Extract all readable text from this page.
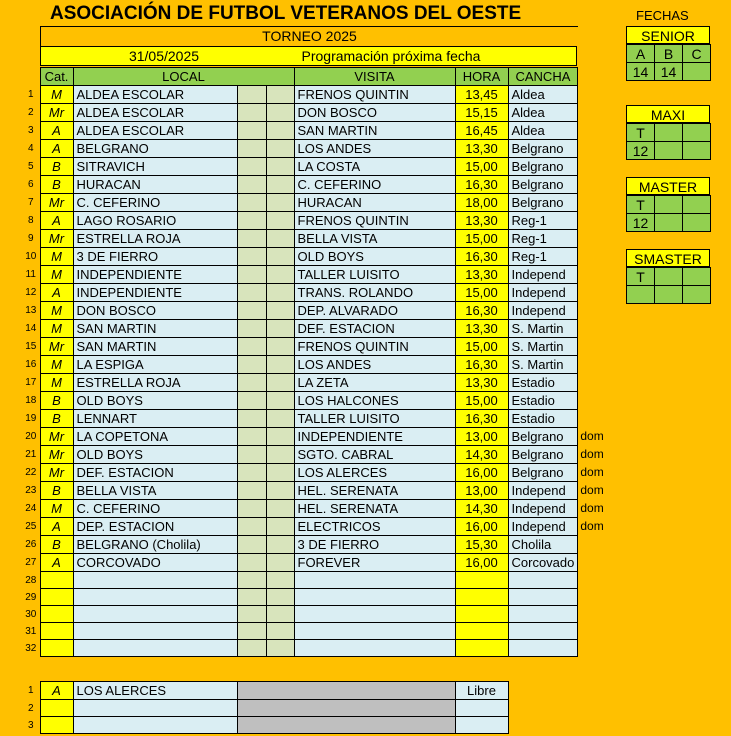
ASOCIACIÓN DE FUTBOL VETERANOS DEL OESTE
TORNEO 2025
31/05/2025	Programación próxima fecha
	Cat.	LOCAL			VISITA	HORA	CANCHA	
1	M	ALDEA ESCOLAR			FRENOS QUINTIN	13,45	Aldea	
2	Mr	ALDEA ESCOLAR			DON BOSCO	15,15	Aldea	
3	A	ALDEA ESCOLAR			SAN MARTIN	16,45	Aldea	
4	A	BELGRANO			LOS ANDES	13,30	Belgrano	
5	B	SITRAVICH			LA COSTA	15,00	Belgrano	
6	B	HURACAN			C. CEFERINO	16,30	Belgrano	
7	Mr	C. CEFERINO			HURACAN	18,00	Belgrano	
8	A	LAGO ROSARIO			FRENOS QUINTIN	13,30	Reg-1	
9	Mr	ESTRELLA ROJA			BELLA VISTA	15,00	Reg-1	
10	M	3 DE FIERRO			OLD BOYS	16,30	Reg-1	
11	M	INDEPENDIENTE			TALLER LUISITO	13,30	Independ	
12	A	INDEPENDIENTE			TRANS. ROLANDO	15,00	Independ	
13	M	DON BOSCO			DEP. ALVARADO	16,30	Independ	
14	M	SAN MARTIN			DEF. ESTACION	13,30	S. Martin	
15	Mr	SAN MARTIN			FRENOS QUINTIN	15,00	S. Martin	
16	M	LA ESPIGA			LOS ANDES	16,30	S. Martin	
17	M	ESTRELLA ROJA			LA ZETA	13,30	Estadio	
18	B	OLD BOYS			LOS HALCONES	15,00	Estadio	
19	B	LENNART			TALLER LUISITO	16,30	Estadio	
20	Mr	LA COPETONA			INDEPENDIENTE	13,00	Belgrano	dom
21	Mr	OLD BOYS			SGTO. CABRAL	14,30	Belgrano	dom
22	Mr	DEF. ESTACION			LOS ALERCES	16,00	Belgrano	dom
23	B	BELLA VISTA			HEL. SERENATA	13,00	Independ	dom
24	M	C. CEFERINO			HEL. SERENATA	14,30	Independ	dom
25	A	DEP. ESTACION			ELECTRICOS	16,00	Independ	dom
26	B	BELGRANO (Cholila)			3 DE FIERRO	15,30	Cholila	
27	A	CORCOVADO			FOREVER	16,00	Corcovado	
28								
29								
30								
31								
32								
1	A	LOS ALERCES		Libre
2				
3				
FECHAS
SENIOR
A	B	C
14	14	
MAXI
T		
12		
MASTER
T		
12		
SMASTER
T		
